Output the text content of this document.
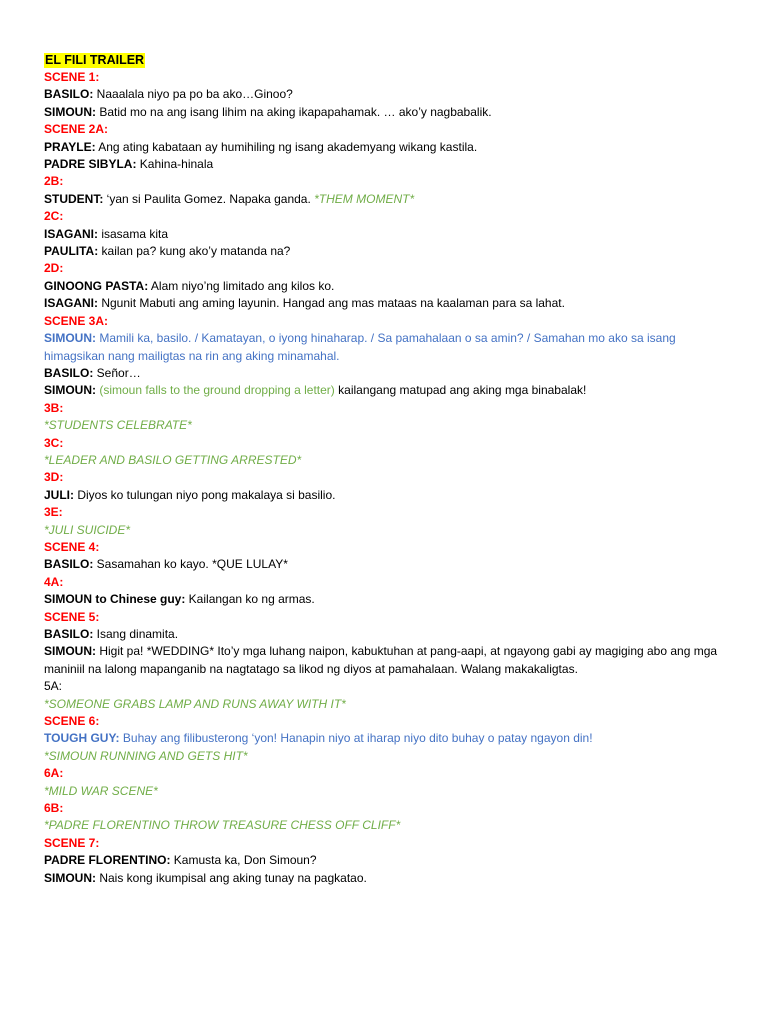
EL FILI TRAILER
SCENE 1:
BASILO: Naaalala niyo pa po ba ako…Ginoo?
SIMOUN: Batid mo na ang isang lihim na aking ikapapahamak. … ako’y nagbabalik.
SCENE 2A:
PRAYLE: Ang ating kabataan ay humihiling ng isang akademyang wikang kastila.
PADRE SIBYLA: Kahina-hinala
2B:
STUDENT: ‘yan si Paulita Gomez. Napaka ganda. *THEM MOMENT*
2C:
ISAGANI: isasama kita
PAULITA: kailan pa? kung ako’y matanda na?
2D:
GINOONG PASTA: Alam niyo’ng limitado ang kilos ko.
ISAGANI: Ngunit Mabuti ang aming layunin. Hangad ang mas mataas na kaalaman para sa lahat.
SCENE 3A:
SIMOUN: Mamili ka, basilo. / Kamatayan, o iyong hinaharap. / Sa pamahalaan o sa amin? / Samahan mo ako sa isang himagsikan nang mailigtas na rin ang aking minamahal.
BASILO: Señor…
SIMOUN: (simoun falls to the ground dropping a letter) kailangang matupad ang aking mga binabalak!
3B:
*STUDENTS CELEBRATE*
3C:
*LEADER AND BASILO GETTING ARRESTED*
3D:
JULI: Diyos ko tulungan niyo pong makalaya si basilio.
3E:
*JULI SUICIDE*
SCENE 4:
BASILO: Sasamahan ko kayo. *QUE LULAY*
4A:
SIMOUN to Chinese guy: Kailangan ko ng armas.
SCENE 5:
BASILO: Isang dinamita.
SIMOUN: Higit pa! *WEDDING* Ito’y mga luhang naipon, kabuktuhan at pang-aapi, at ngayong gabi ay magiging abo ang mga maniniil na lalong mapanganib na nagtatago sa likod ng diyos at pamahalaan. Walang makakaligtas.
5A:
*SOMEONE GRABS LAMP AND RUNS AWAY WITH IT*
SCENE 6:
TOUGH GUY: Buhay ang filibusterong ‘yon! Hanapin niyo at iharap niyo dito buhay o patay ngayon din!
*SIMOUN RUNNING AND GETS HIT*
6A:
*MILD WAR SCENE*
6B:
*PADRE FLORENTINO THROW TREASURE CHESS OFF CLIFF*
SCENE 7:
PADRE FLORENTINO: Kamusta ka, Don Simoun?
SIMOUN: Nais kong ikumpisal ang aking tunay na pagkatao.
